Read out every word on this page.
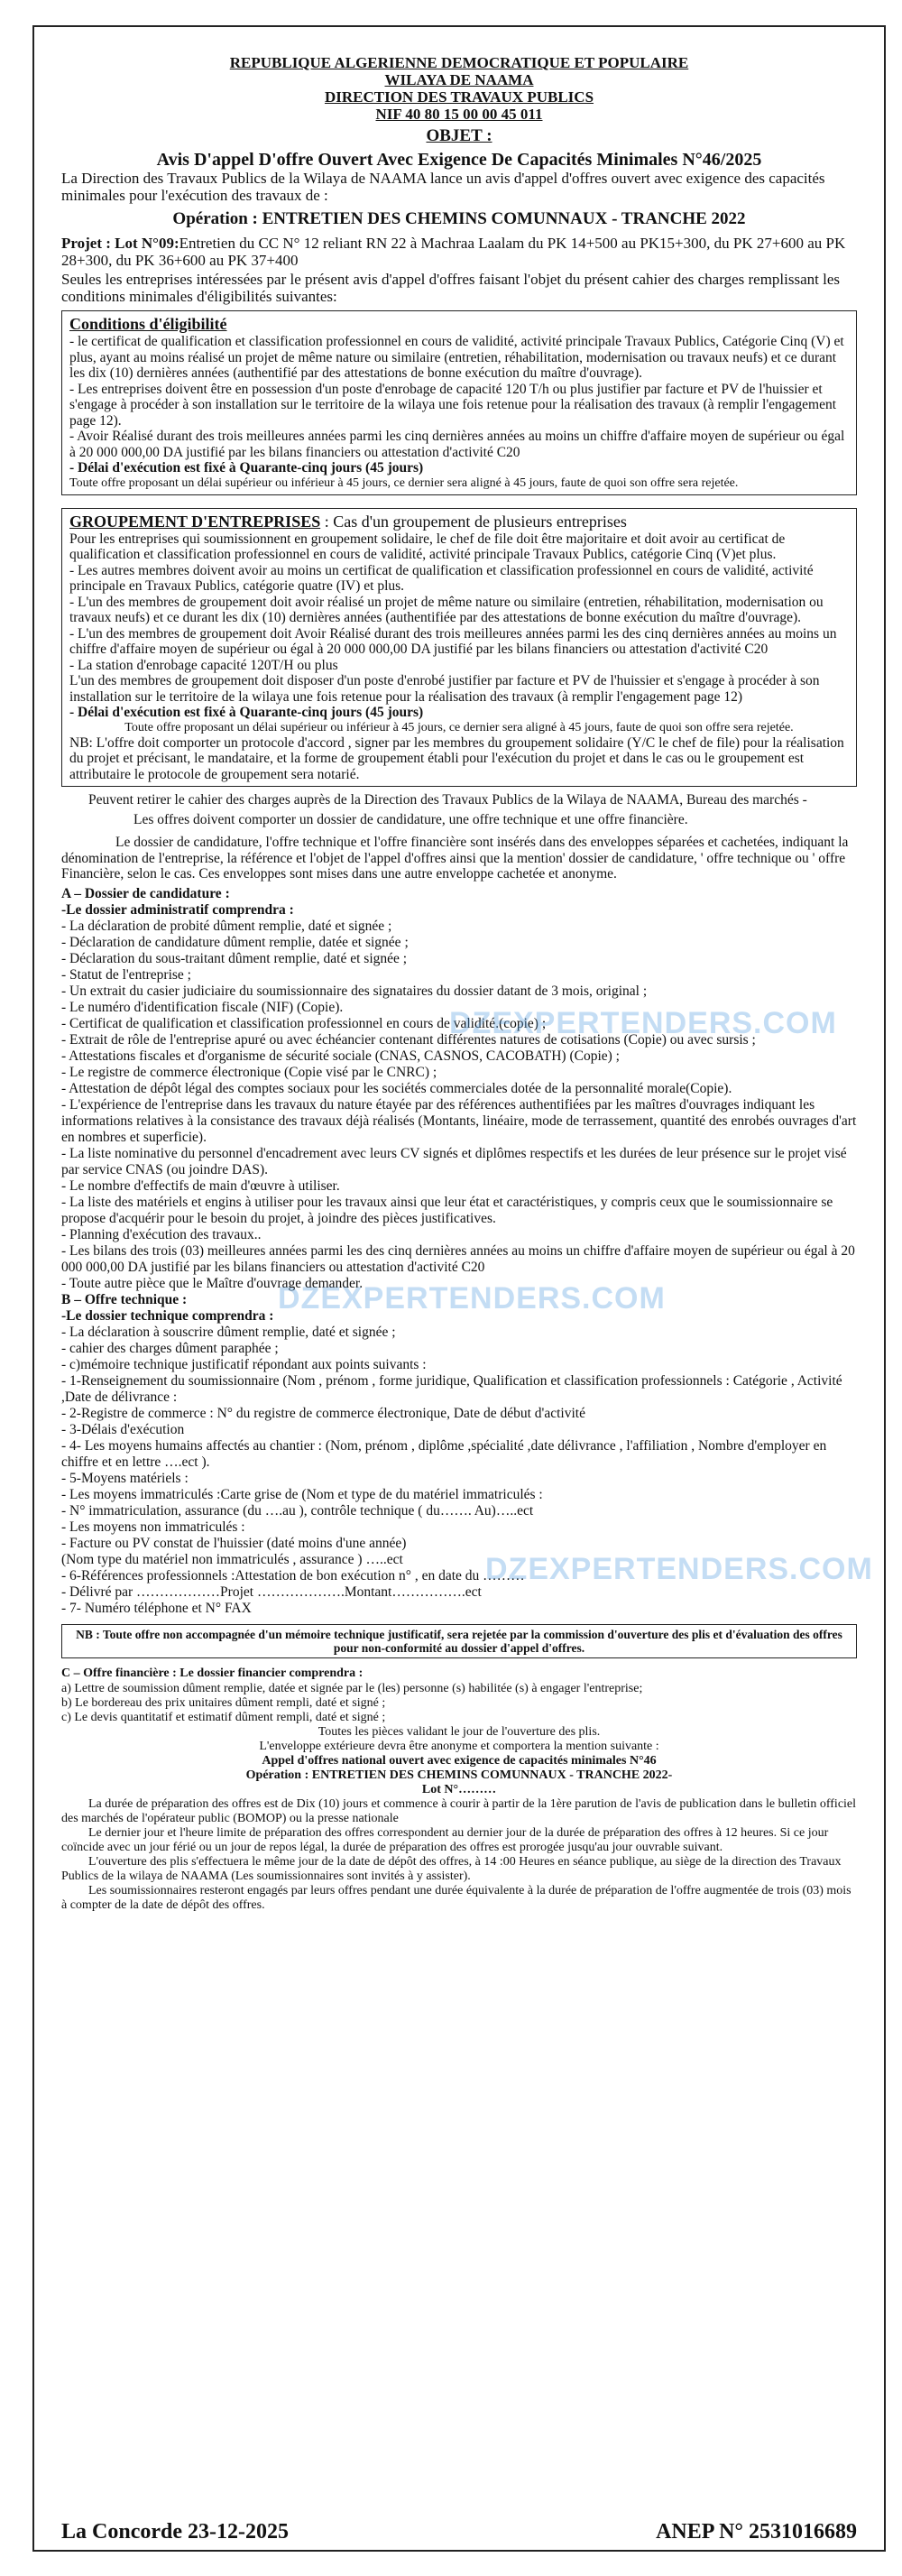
REPUBLIQUE ALGERIENNE DEMOCRATIQUE ET POPULAIRE
WILAYA DE NAAMA
DIRECTION DES TRAVAUX PUBLICS
NIF 40 80 15 00 00 45 011
OBJET :
Avis D'appel D'offre Ouvert Avec Exigence De Capacités Minimales N°46/2025

La Direction des Travaux Publics de la Wilaya de NAAMA lance un avis d'appel d'offres ouvert avec exigence des capacités minimales pour l'exécution des travaux de :

Opération : ENTRETIEN DES CHEMINS COMUNNAUX - TRANCHE 2022

Projet : Lot N°09:Entretien du CC N° 12 reliant RN 22 à Machraa Laalam du PK 14+500 au PK15+300, du PK 27+600 au PK 28+300, du PK 36+600 au PK 37+400

Seules les entreprises intéressées par le présent avis d'appel d'offres faisant l'objet du présent cahier des charges remplissant les conditions minimales d'éligibilités suivantes:

Conditions d'éligibilité

- le certificat de qualification et classification professionnel en cours de validité, activité principale Travaux Publics, Catégorie Cinq (V) et plus, ayant au moins réalisé un projet de même nature ou similaire (entretien, réhabilitation, modernisation ou travaux neufs) et ce durant les dix (10) dernières années (authentifié par des attestations de bonne exécution du maître d'ouvrage).

- Les entreprises doivent être en possession d'un poste d'enrobage de capacité 120 T/h ou plus justifier par facture et PV de l'huissier et s'engage à procéder à son installation sur le territoire de la wilaya une fois retenue pour la réalisation des travaux (à remplir l'engagement page 12).

- Avoir Réalisé durant des trois meilleures années parmi les cinq dernières années au moins un chiffre d'affaire moyen de supérieur ou égal à 20 000 000,00 DA justifié par les bilans financiers ou attestation d'activité C20

- Délai d'exécution est fixé à Quarante-cinq jours (45 jours)

Toute offre proposant un délai supérieur ou inférieur à 45 jours, ce dernier sera aligné à 45 jours, faute de quoi son offre sera rejetée.

GROUPEMENT D'ENTREPRISES : Cas d'un groupement de plusieurs entreprises

Pour les entreprises qui soumissionnent en groupement solidaire, le chef de file doit être majoritaire et doit avoir au certificat de qualification et classification professionnel en cours de validité, activité principale Travaux Publics, catégorie Cinq (V)et plus.

- Les autres membres doivent avoir au moins un certificat de qualification et classification professionnel en cours de validité, activité principale en Travaux Publics, catégorie quatre (IV) et plus.

- L'un des membres de groupement doit avoir réalisé un projet de même nature ou similaire (entretien, réhabilitation, modernisation ou travaux neufs) et ce durant les dix (10) dernières années (authentifiée par des attestations de bonne exécution du maître d'ouvrage).

- L'un des membres de groupement doit Avoir Réalisé durant des trois meilleures années parmi les des cinq dernières années au moins un chiffre d'affaire moyen de supérieur ou égal à 20 000 000,00 DA justifié par les bilans financiers ou attestation d'activité C20

- La station d'enrobage capacité 120T/H ou plus

L'un des membres de groupement doit disposer d'un poste d'enrobé justifier par facture et PV de l'huissier et s'engage à procéder à son installation sur le territoire de la wilaya une fois retenue pour la réalisation des travaux (à remplir l'engagement page 12)

- Délai d'exécution est fixé à Quarante-cinq jours (45 jours)

Toute offre proposant un délai supérieur ou inférieur à 45 jours, ce dernier sera aligné à 45 jours, faute de quoi son offre sera rejetée.

NB: L'offre doit comporter un protocole d'accord , signer par les membres du groupement solidaire (Y/C le chef de file) pour la réalisation du projet et précisant, le mandataire, et la forme de groupement établi pour l'exécution du projet et dans le cas ou le groupement est attributaire le protocole de groupement sera notarié.

Peuvent retirer le cahier des charges auprès de la Direction des Travaux Publics de la Wilaya de NAAMA, Bureau des marchés -

Les offres doivent comporter un dossier de candidature, une offre technique et une offre financière.

Le dossier de candidature, l'offre technique et l'offre financière sont insérés dans des enveloppes séparées et cachetées, indiquant la dénomination de l'entreprise, la référence et l'objet de l'appel d'offres ainsi que la mention' dossier de candidature, ' offre technique ou ' offre Financière, selon le cas. Ces enveloppes sont mises dans une autre enveloppe cachetée et anonyme.

A – Dossier de candidature :
-Le dossier administratif comprendra :

- La déclaration de probité dûment remplie, daté et signée ;

- Déclaration de candidature dûment remplie, datée et signée ;

- Déclaration du sous-traitant dûment remplie, daté et signée ;

- Statut de l'entreprise ;

- Un extrait du casier judiciaire du soumissionnaire des signataires du dossier datant de 3 mois, original ;

- Le numéro d'identification fiscale (NIF) (Copie).

- Certificat de qualification et classification professionnel en cours de validité.(copie) ;

- Extrait de rôle de l'entreprise apuré ou avec échéancier contenant différentes natures de cotisations (Copie) ou avec sursis ;

- Attestations fiscales et d'organisme de sécurité sociale (CNAS, CASNOS, CACOBATH) (Copie) ;

- Le registre de commerce électronique (Copie visé par le CNRC) ;

- Attestation de dépôt légal des comptes sociaux pour les sociétés commerciales dotée de la personnalité morale(Copie).

- L'expérience de l'entreprise dans les travaux du nature étayée par des références authentifiées par les maîtres d'ouvrages indiquant les informations relatives à la consistance des travaux déjà réalisés (Montants, linéaire, mode de terrassement, quantité des enrobés ouvrages d'art en nombres et superficie).

- La liste nominative du personnel d'encadrement avec leurs CV signés et diplômes respectifs et les durées de leur présence sur le projet visé par service CNAS (ou joindre DAS).

- Le nombre d'effectifs de main d'œuvre à utiliser.

- La liste des matériels et engins à utiliser pour les travaux ainsi que leur état et caractéristiques, y compris ceux que le soumissionnaire se propose d'acquérir pour le besoin du projet, à joindre des pièces justificatives.

- Planning d'exécution des travaux..

- Les bilans des trois (03) meilleures années parmi les des cinq dernières années au moins un chiffre d'affaire moyen de supérieur ou égal à 20 000 000,00 DA justifié par les bilans financiers ou attestation d'activité C20

- Toute autre pièce que le Maître d'ouvrage demander.

B – Offre technique :
-Le dossier technique comprendra :

- La déclaration à souscrire dûment remplie, daté et signée ;

- cahier des charges dûment paraphée ;

- c)mémoire technique justificatif répondant aux points suivants :

- 1-Renseignement du soumissionnaire (Nom , prénom , forme juridique, Qualification et classification professionnels : Catégorie , Activité ,Date de délivrance :

- 2-Registre de commerce : N° du registre de commerce électronique, Date de début d'activité

- 3-Délais d'exécution

- 4- Les moyens humains affectés au chantier : (Nom, prénom , diplôme ,spécialité ,date délivrance , l'affiliation , Nombre d'employer en chiffre et en lettre ….ect ).

- 5-Moyens matériels :

- Les moyens immatriculés :Carte grise de (Nom et type de du matériel immatriculés :

- N° immatriculation, assurance (du ….au ), contrôle technique ( du……. Au)…..ect

- Les moyens non immatriculés :

- Facture ou PV constat de l'huissier (daté moins d'une année)

(Nom type du matériel non immatriculés , assurance ) …..ect

- 6-Références professionnels :Attestation de bon exécution n° , en date du ………

- Délivré par ………………Projet ……………….Montant…………….ect

- 7- Numéro téléphone et N° FAX

NB : Toute offre non accompagnée d'un mémoire technique justificatif, sera rejetée par la commission d'ouverture des plis et d'évaluation des offres pour non-conformité au dossier d'appel d'offres.
C – Offre financière : Le dossier financier comprendra :

a) Lettre de soumission dûment remplie, datée et signée par le (les) personne (s) habilitée (s) à engager l'entreprise;

b) Le bordereau des prix unitaires dûment rempli, daté et signé ;

c) Le devis quantitatif et estimatif dûment rempli, daté et signé ;

Toutes les pièces validant le jour de l'ouverture des plis.

L'enveloppe extérieure devra être anonyme et comportera la mention suivante :

Appel d'offres national ouvert avec exigence de capacités minimales N°46

Opération : ENTRETIEN DES CHEMINS COMUNNAUX - TRANCHE 2022-

Lot N°………

La durée de préparation des offres est de Dix (10) jours et commence à courir à partir de la 1ère parution de l'avis de publication dans le bulletin officiel des marchés de l'opérateur public (BOMOP) ou la presse nationale

Le dernier jour et l'heure limite de préparation des offres correspondent au dernier jour de la durée de préparation des offres à 12 heures. Si ce jour coïncide avec un jour férié ou un jour de repos légal, la durée de préparation des offres est prorogée jusqu'au jour ouvrable suivant.

L'ouverture des plis s'effectuera le même jour de la date de dépôt des offres, à 14 :00 Heures en séance publique, au siège de la direction des Travaux Publics de la wilaya de NAAMA (Les soumissionnaires sont invités à y assister).

Les soumissionnaires resteront engagés par leurs offres pendant une durée équivalente à la durée de préparation de l'offre augmentée de trois (03) mois à compter de la date de dépôt des offres.

DZEXPERTENDERS.COM
DZEXPERTENDERS.COM
DZEXPERTENDERS.COM
La Concorde 23-12-2025	ANEP N° 2531016689
